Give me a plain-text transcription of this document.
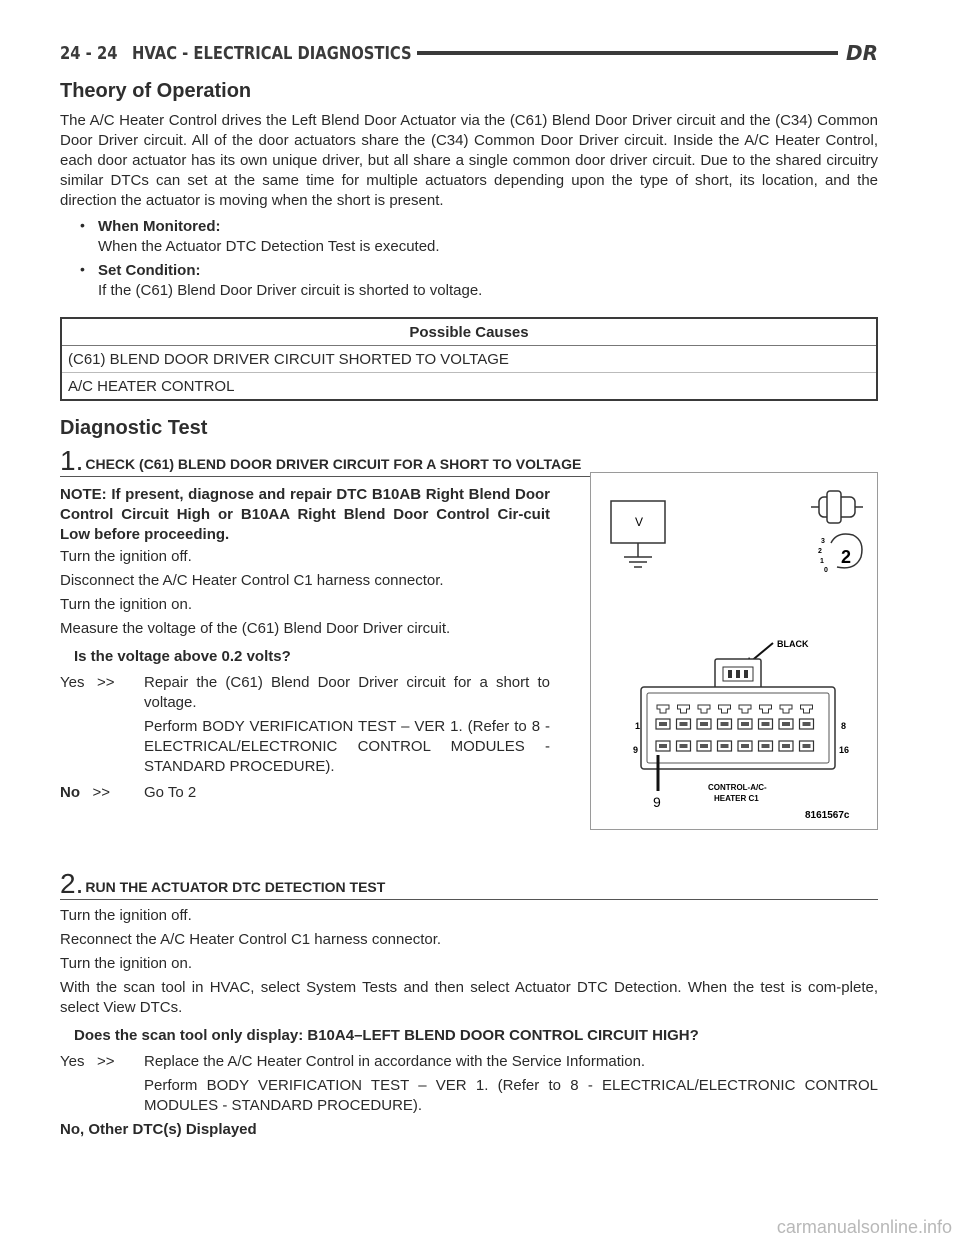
24 - 24 HVAC - ELECTRICAL DIAGNOSTICS	DR
Theory of Operation

The A/C Heater Control drives the Left Blend Door Actuator via the (C61) Blend Door Driver circuit and the (C34) Common Door Driver circuit. All of the door actuators share the (C34) Common Door Driver circuit. Inside the A/C Heater Control, each door actuator has its own unique driver, but all share a single common door driver circuit. Due to the shared circuitry similar DTCs can set at the same time for multiple actuators depending upon the type of short, its location, and the direction the actuator is moving when the short is present.

• When Monitored:

When the Actuator DTC Detection Test is executed.

• Set Condition:

If the (C61) Blend Door Driver circuit is shorted to voltage.

Possible Causes
(C61) BLEND DOOR DRIVER CIRCUIT SHORTED TO VOLTAGE
A/C HEATER CONTROL
Diagnostic Test
1. CHECK (C61) BLEND DOOR DRIVER CIRCUIT FOR A SHORT TO VOLTAGE

NOTE: If present, diagnose and repair DTC B10AB Right Blend Door Control Circuit High or B10AA Right Blend Door Control Cir-cuit Low before proceeding.

Turn the ignition off.

Disconnect the A/C Heater Control C1 harness connector.

Turn the ignition on.

Measure the voltage of the (C61) Blend Door Driver circuit.

Is the voltage above 0.2 volts?

Yes >>	Repair the (C61) Blend Door Driver circuit for a short to voltage.

Perform BODY VERIFICATION TEST – VER 1. (Refer to 8 - ELECTRICAL/ELECTRONIC CONTROL MODULES - STANDARD PROCEDURE).

No >>	Go To 2

2. RUN THE ACTUATOR DTC DETECTION TEST

Turn the ignition off.

Reconnect the A/C Heater Control C1 harness connector.

Turn the ignition on.

With the scan tool in HVAC, select System Tests and then select Actuator DTC Detection. When the test is com-plete, select View DTCs.

Does the scan tool only display: B10A4–LEFT BLEND DOOR CONTROL CIRCUIT HIGH?

Yes >>	Replace the A/C Heater Control in accordance with the Service Information.

Perform BODY VERIFICATION TEST – VER 1. (Refer to 8 - ELECTRICAL/ELECTRONIC CONTROL MODULES - STANDARD PROCEDURE).

No, Other DTC(s) Displayed

V
3
2
1
0
2
BLACK
1
9
8
16
9
CONTROL-A/C-
HEATER C1
8161567c
carmanualsonline.info
